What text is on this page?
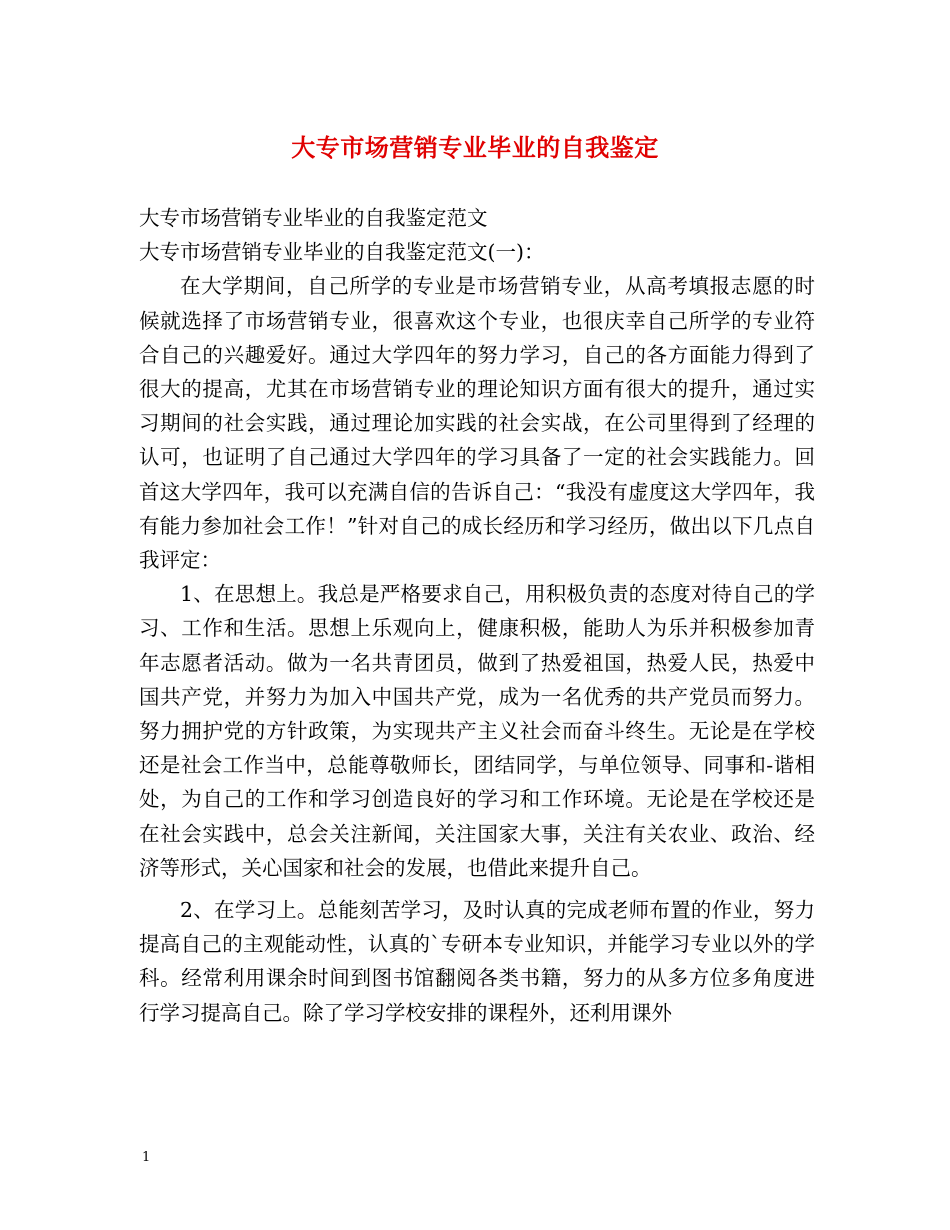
大专市场营销专业毕业的自我鉴定
大专市场营销专业毕业的自我鉴定范文
大专市场营销专业毕业的自我鉴定范文(一)：

在大学期间，自己所学的专业是市场营销专业，从高考填报志愿的时候就选择了市场营销专业，很喜欢这个专业，也很庆幸自己所学的专业符合自己的兴趣爱好。通过大学四年的努力学习，自己的各方面能力得到了很大的提高，尤其在市场营销专业的理论知识方面有很大的提升，通过实习期间的社会实践，通过理论加实践的社会实战，在公司里得到了经理的认可，也证明了自己通过大学四年的学习具备了一定的社会实践能力。回首这大学四年，我可以充满自信的告诉自己：“我没有虚度这大学四年，我有能力参加社会工作！”针对自己的成长经历和学习经历，做出以下几点自我评定：

1、在思想上。我总是严格要求自己，用积极负责的态度对待自己的学习、工作和生活。思想上乐观向上，健康积极，能助人为乐并积极参加青年志愿者活动。做为一名共青团员，做到了热爱祖国，热爱人民，热爱中国共产党，并努力为加入中国共产党，成为一名优秀的共产党员而努力。努力拥护党的方针政策，为实现共产主义社会而奋斗终生。无论是在学校还是社会工作当中，总能尊敬师长，团结同学，与单位领导、同事和-谐相处，为自己的工作和学习创造良好的学习和工作环境。无论是在学校还是在社会实践中，总会关注新闻，关注国家大事，关注有关农业、政治、经济等形式，关心国家和社会的发展，也借此来提升自己。

2、在学习上。总能刻苦学习，及时认真的完成老师布置的作业，努力提高自己的主观能动性，认真的`专研本专业知识，并能学习专业以外的学科。经常利用课余时间到图书馆翻阅各类书籍，努力的从多方位多角度进行学习提高自己。除了学习学校安排的课程外，还利用课外

1
